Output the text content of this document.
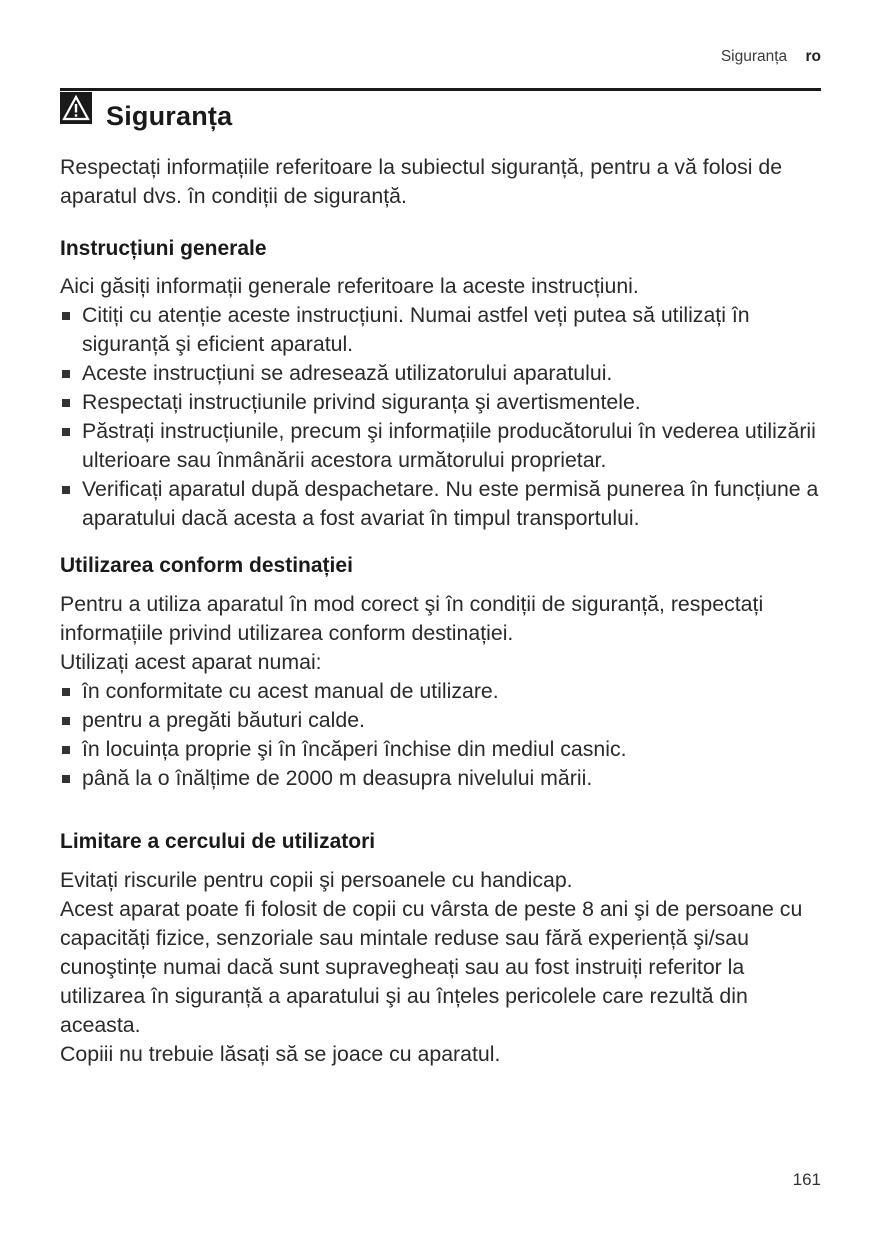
Siguranța ro
Siguranța

Respectați informațiile referitoare la subiectul siguranță, pentru a vă folosi de aparatul dvs. în condiții de siguranță.

Instrucțiuni generale

Aici găsiți informații generale referitoare la aceste instrucțiuni.

Citiți cu atenție aceste instrucțiuni. Numai astfel veți putea să utilizați în siguranță şi eficient aparatul.
Aceste instrucțiuni se adresează utilizatorului aparatului.
Respectați instrucțiunile privind siguranța şi avertismentele.
Păstrați instrucțiunile, precum şi informațiile producătorului în vederea utilizării ulterioare sau înmânării acestora următorului proprietar.
Verificați aparatul după despachetare. Nu este permisă punerea în funcțiune a aparatului dacă acesta a fost avariat în timpul transportului.
Utilizarea conform destinației

Pentru a utiliza aparatul în mod corect şi în condiții de siguranță, respectați informațiile privind utilizarea conform destinației.

Utilizați acest aparat numai:

în conformitate cu acest manual de utilizare.
pentru a pregăti băuturi calde.
în locuința proprie şi în încăperi închise din mediul casnic.
până la o înălțime de 2000 m deasupra nivelului mării.
Limitare a cercului de utilizatori

Evitați riscurile pentru copii şi persoanele cu handicap.

Acest aparat poate fi folosit de copii cu vârsta de peste 8 ani şi de persoane cu capacități fizice, senzoriale sau mintale reduse sau fără experiență şi/sau cunoştințe numai dacă sunt supravegheați sau au fost instruiți referitor la utilizarea în siguranță a aparatului şi au înțeles pericolele care rezultă din aceasta.

Copiii nu trebuie lăsați să se joace cu aparatul.

161
